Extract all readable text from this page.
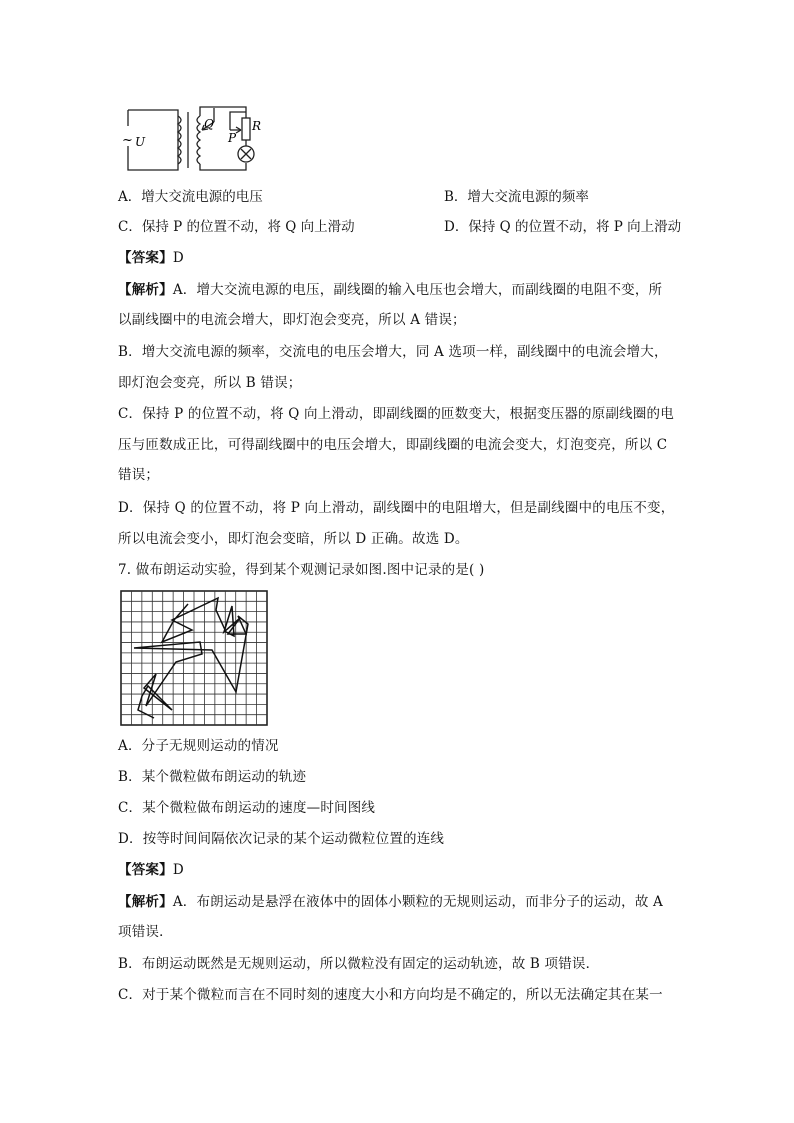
~ U
Q
P
R
A．增大交流电源的电压	B．增大交流电源的频率
C．保持 P 的位置不动，将 Q 向上滑动	D．保持 Q 的位置不动，将 P 向上滑动
【答案】D
【解析】A．增大交流电源的电压，副线圈的输入电压也会增大，而副线圈的电阻不变，所
以副线圈中的电流会增大，即灯泡会变亮，所以 A 错误；
B．增大交流电源的频率，交流电的电压会增大，同 A 选项一样，副线圈中的电流会增大，
即灯泡会变亮，所以 B 错误；
C．保持 P 的位置不动，将 Q 向上滑动，即副线圈的匝数变大，根据变压器的原副线圈的电
压与匝数成正比，可得副线圈中的电压会增大，即副线圈的电流会变大，灯泡变亮，所以 C
错误；
D．保持 Q 的位置不动，将 P 向上滑动，副线圈中的电阻增大，但是副线圈中的电压不变，
所以电流会变小，即灯泡会变暗，所以 D 正确。故选 D。
7. 做布朗运动实验，得到某个观测记录如图.图中记录的是( )
A．分子无规则运动的情况
B．某个微粒做布朗运动的轨迹
C．某个微粒做布朗运动的速度—时间图线
D．按等时间间隔依次记录的某个运动微粒位置的连线
【答案】D
【解析】A．布朗运动是悬浮在液体中的固体小颗粒的无规则运动，而非分子的运动，故 A
项错误．
B．布朗运动既然是无规则运动，所以微粒没有固定的运动轨迹，故 B 项错误．
C．对于某个微粒而言在不同时刻的速度大小和方向均是不确定的，所以无法确定其在某一
